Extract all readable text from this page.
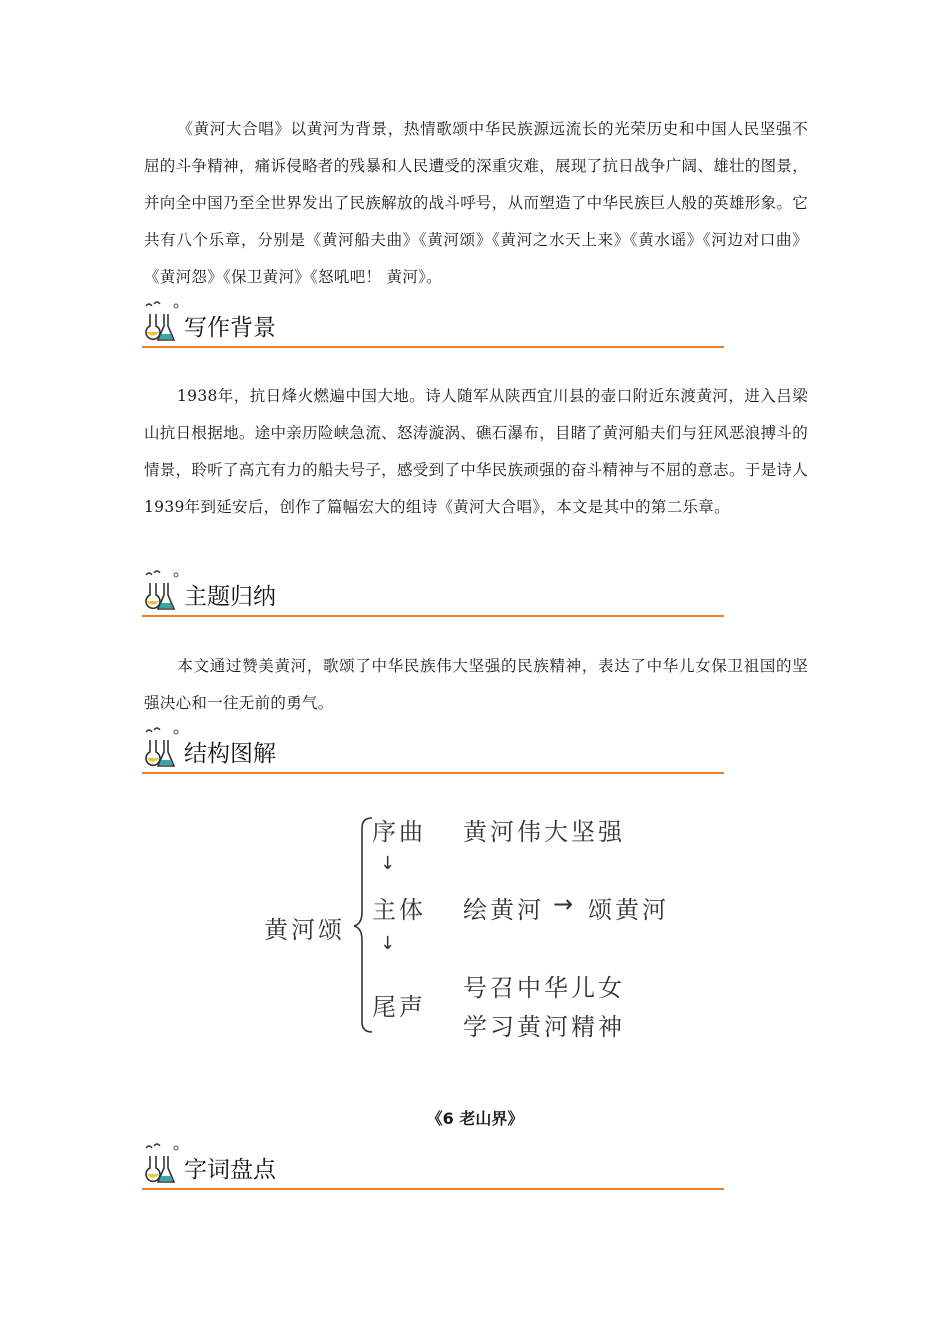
《黄河大合唱》以黄河为背景，热情歌颂中华民族源远流长的光荣历史和中国人民坚强不屈的斗争精神，痛诉侵略者的残暴和人民遭受的深重灾难，展现了抗日战争广阔、雄壮的图景，并向全中国乃至全世界发出了民族解放的战斗呼号，从而塑造了中华民族巨人般的英雄形象。它共有八个乐章，分别是《黄河船夫曲》《黄河颂》《黄河之水天上来》《黄水谣》《河边对口曲》《黄河怨》《保卫黄河》《怒吼吧！ 黄河》。

写作背景

1938年，抗日烽火燃遍中国大地。诗人随军从陕西宜川县的壶口附近东渡黄河，进入吕梁山抗日根据地。途中亲历险峡急流、怒涛漩涡、礁石瀑布，目睹了黄河船夫们与狂风恶浪搏斗的情景，聆听了高亢有力的船夫号子，感受到了中华民族顽强的奋斗精神与不屈的意志。于是诗人 1939年到延安后，创作了篇幅宏大的组诗《黄河大合唱》，本文是其中的第二乐章。

主题归纳

本文通过赞美黄河，歌颂了中华民族伟大坚强的民族精神，表达了中华儿女保卫祖国的坚强决心和一往无前的勇气。

结构图解
黄河颂
序曲 黄河伟大坚强
↓
主体 绘黄河 → 颂黄河
↓
尾声
号召中华儿女
学习黄河精神
《6 老山界》
字词盘点
